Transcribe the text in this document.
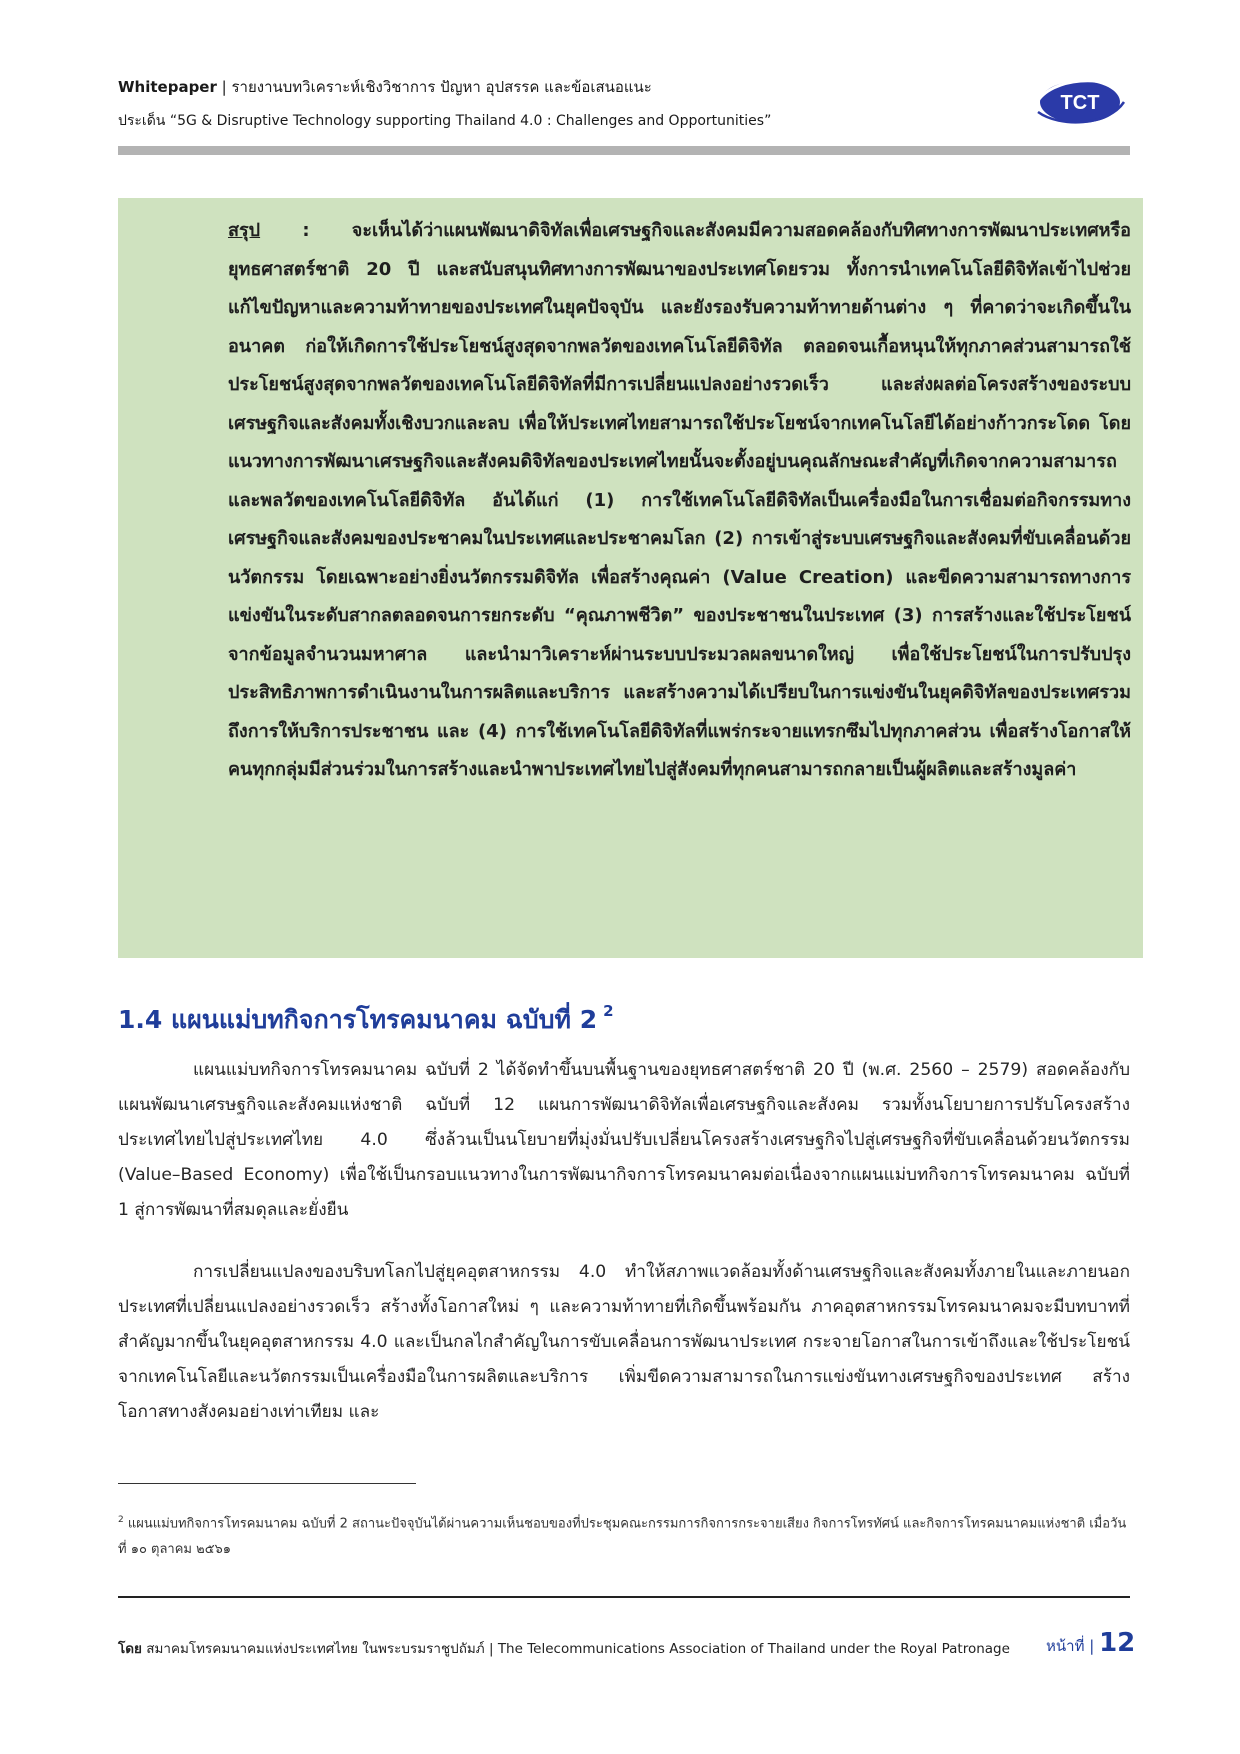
Whitepaper | รายงานบทวิเคราะห์เชิงวิชาการ ปัญหา อุปสรรค และข้อเสนอแนะ
ประเด็น “5G & Disruptive Technology supporting Thailand 4.0 : Challenges and Opportunities”
TCT
สรุป : จะเห็นได้ว่าแผนพัฒนาดิจิทัลเพื่อเศรษฐกิจและสังคมมีความสอดคล้องกับทิศทางการพัฒนาประเทศหรือยุทธศาสตร์ชาติ 20 ปี และสนับสนุนทิศทางการพัฒนาของประเทศโดยรวม ทั้งการนำเทคโนโลยีดิจิทัลเข้าไปช่วยแก้ไขปัญหาและความท้าทายของประเทศในยุคปัจจุบัน และยังรองรับความท้าทายด้านต่าง ๆ ที่คาดว่าจะเกิดขึ้นในอนาคต ก่อให้เกิดการใช้ประโยชน์สูงสุดจากพลวัตของเทคโนโลยีดิจิทัล ตลอดจนเกื้อหนุนให้ทุกภาคส่วนสามารถใช้ประโยชน์สูงสุดจากพลวัตของเทคโนโลยีดิจิทัลที่มีการเปลี่ยนแปลงอย่างรวดเร็ว และส่งผลต่อโครงสร้างของระบบเศรษฐกิจและสังคมทั้งเชิงบวกและลบ เพื่อให้ประเทศไทยสามารถใช้ประโยชน์จากเทคโนโลยีได้อย่างก้าวกระโดด โดยแนวทางการพัฒนาเศรษฐกิจและสังคมดิจิทัลของประเทศไทยนั้นจะตั้งอยู่บนคุณลักษณะสำคัญที่เกิดจากความสามารถและพลวัตของเทคโนโลยีดิจิทัล อันได้แก่ (1) การใช้เทคโนโลยีดิจิทัลเป็นเครื่องมือในการเชื่อมต่อกิจกรรมทางเศรษฐกิจและสังคมของประชาคมในประเทศและประชาคมโลก (2) การเข้าสู่ระบบเศรษฐกิจและสังคมที่ขับเคลื่อนด้วยนวัตกรรม โดยเฉพาะอย่างยิ่งนวัตกรรมดิจิทัล เพื่อสร้างคุณค่า (Value Creation) และขีดความสามารถทางการแข่งขันในระดับสากลตลอดจนการยกระดับ “คุณภาพชีวิต” ของประชาชนในประเทศ (3) การสร้างและใช้ประโยชน์จากข้อมูลจำนวนมหาศาล และนำมาวิเคราะห์ผ่านระบบประมวลผลขนาดใหญ่ เพื่อใช้ประโยชน์ในการปรับปรุงประสิทธิภาพการดำเนินงานในการผลิตและบริการ และสร้างความได้เปรียบในการแข่งขันในยุคดิจิทัลของประเทศรวมถึงการให้บริการประชาชน และ (4) การใช้เทคโนโลยีดิจิทัลที่แพร่กระจายแทรกซึมไปทุกภาคส่วน เพื่อสร้างโอกาสให้คนทุกกลุ่มมีส่วนร่วมในการสร้างและนำพาประเทศไทยไปสู่สังคมที่ทุกคนสามารถกลายเป็นผู้ผลิตและสร้างมูลค่า
1.4 แผนแม่บทกิจการโทรคมนาคม ฉบับที่ 2 $^2$
แผนแม่บทกิจการโทรคมนาคม ฉบับที่ 2 ได้จัดทำขึ้นบนพื้นฐานของยุทธศาสตร์ชาติ 20 ปี (พ.ศ. 2560 – 2579) สอดคล้องกับแผนพัฒนาเศรษฐกิจและสังคมแห่งชาติ ฉบับที่ 12 แผนการพัฒนาดิจิทัลเพื่อเศรษฐกิจและสังคม รวมทั้งนโยบายการปรับโครงสร้างประเทศไทยไปสู่ประเทศไทย 4.0 ซึ่งล้วนเป็นนโยบายที่มุ่งมั่นปรับเปลี่ยนโครงสร้างเศรษฐกิจไปสู่เศรษฐกิจที่ขับเคลื่อนด้วยนวัตกรรม (Value–Based Economy) เพื่อใช้เป็นกรอบแนวทางในการพัฒนากิจการโทรคมนาคมต่อเนื่องจากแผนแม่บทกิจการโทรคมนาคม ฉบับที่ 1 สู่การพัฒนาที่สมดุลและยั่งยืน
การเปลี่ยนแปลงของบริบทโลกไปสู่ยุคอุตสาหกรรม 4.0 ทำให้สภาพแวดล้อมทั้งด้านเศรษฐกิจและสังคมทั้งภายในและภายนอกประเทศที่เปลี่ยนแปลงอย่างรวดเร็ว สร้างทั้งโอกาสใหม่ ๆ และความท้าทายที่เกิดขึ้นพร้อมกัน ภาคอุตสาหกรรมโทรคมนาคมจะมีบทบาทที่สำคัญมากขึ้นในยุคอุตสาหกรรม 4.0 และเป็นกลไกสำคัญในการขับเคลื่อนการพัฒนาประเทศ กระจายโอกาสในการเข้าถึงและใช้ประโยชน์จากเทคโนโลยีและนวัตกรรมเป็นเครื่องมือในการผลิตและบริการ เพิ่มขีดความสามารถในการแข่งขันทางเศรษฐกิจของประเทศ สร้างโอกาสทางสังคมอย่างเท่าเทียม และ
$^2$ แผนแม่บทกิจการโทรคมนาคม ฉบับที่ 2 สถานะปัจจุบันได้ผ่านความเห็นชอบของที่ประชุมคณะกรรมการกิจการกระจายเสียง กิจการโทรทัศน์ และกิจการโทรคมนาคมแห่งชาติ เมื่อวันที่ ๑๐ ตุลาคม ๒๕๖๑
โดย สมาคมโทรคมนาคมแห่งประเทศไทย ในพระบรมราชูปถัมภ์ | The Telecommunications Association of Thailand under the Royal Patronage	หน้าที่ | 12
